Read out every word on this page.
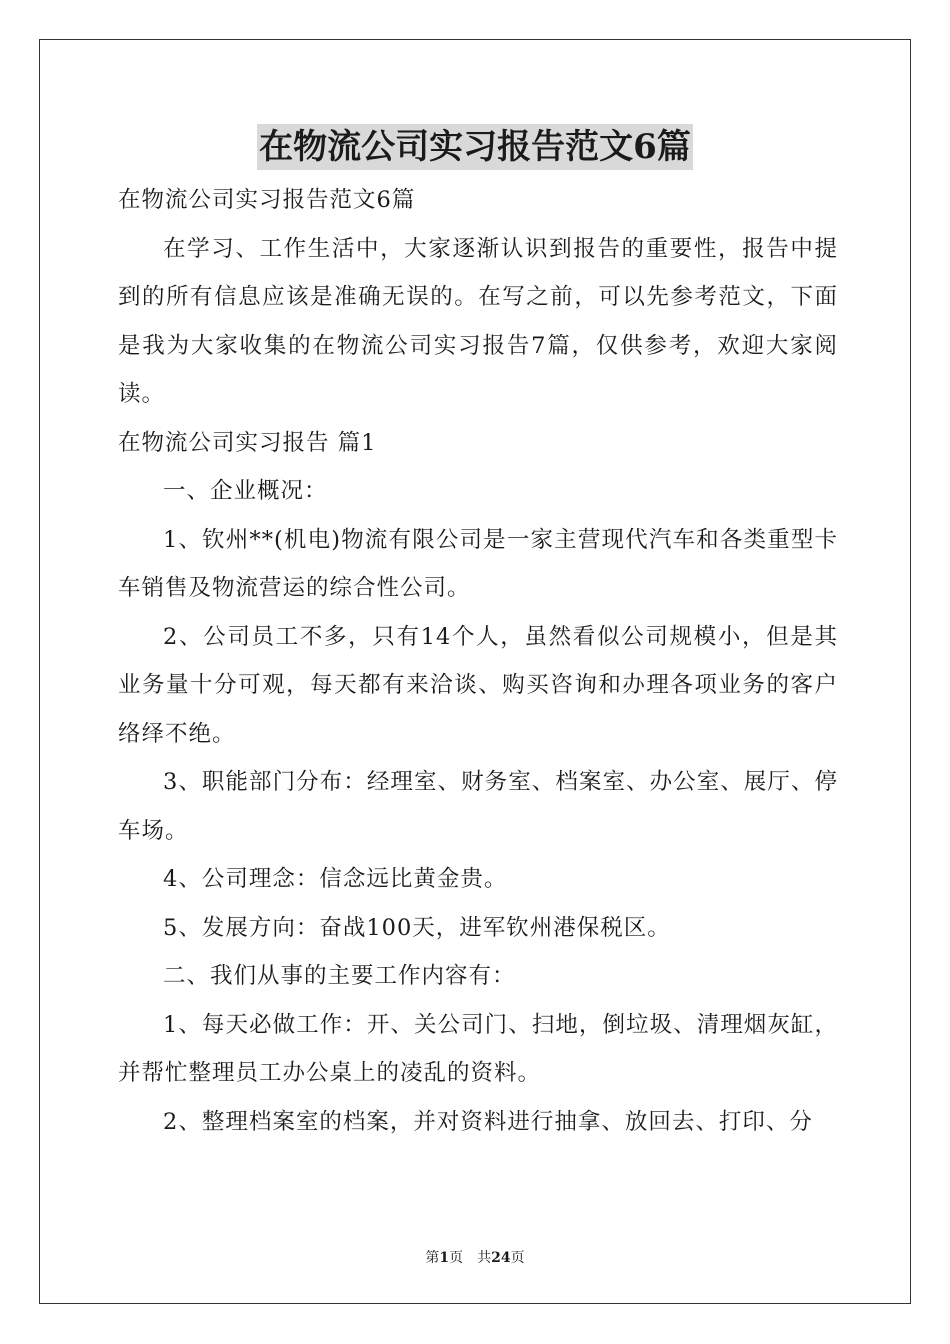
在物流公司实习报告范文6篇

在物流公司实习报告范文6篇

在学习、工作生活中，大家逐渐认识到报告的重要性，报告中提到的所有信息应该是准确无误的。在写之前，可以先参考范文，下面是我为大家收集的在物流公司实习报告7篇，仅供参考，欢迎大家阅读。

在物流公司实习报告 篇1

一、企业概况：

1、钦州**(机电)物流有限公司是一家主营现代汽车和各类重型卡车销售及物流营运的综合性公司。

2、公司员工不多，只有14个人，虽然看似公司规模小，但是其业务量十分可观，每天都有来洽谈、购买咨询和办理各项业务的客户络绎不绝。

3、职能部门分布：经理室、财务室、档案室、办公室、展厅、停车场。

4、公司理念：信念远比黄金贵。

5、发展方向：奋战100天，进军钦州港保税区。

二、我们从事的主要工作内容有：

1、每天必做工作：开、关公司门、扫地，倒垃圾、清理烟灰缸，并帮忙整理员工办公桌上的凌乱的资料。

2、整理档案室的档案，并对资料进行抽拿、放回去、打印、分

第1页　共24页
